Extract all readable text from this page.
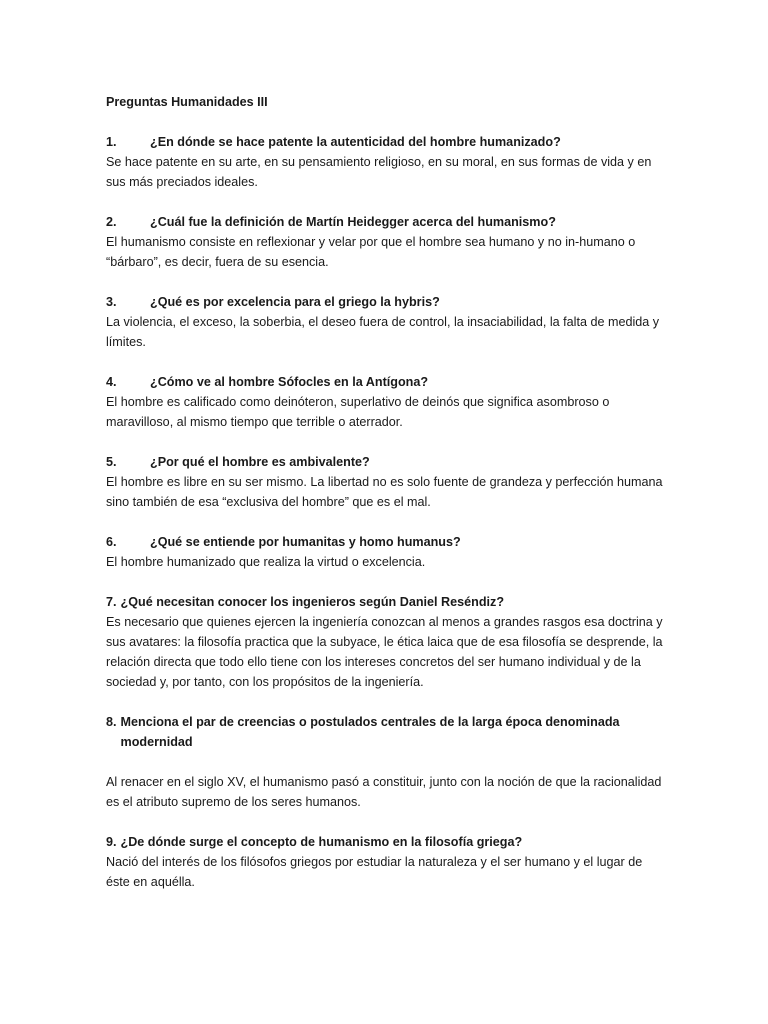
Preguntas Humanidades III
1.	¿En dónde se hace patente la autenticidad del hombre humanizado?

Se hace patente en su arte, en su pensamiento religioso, en su moral, en sus formas de vida y en sus más preciados ideales.

2.	¿Cuál fue la definición de Martín Heidegger acerca del humanismo?

El humanismo consiste en reflexionar y velar por que el hombre sea humano y no in-humano o “bárbaro”, es decir, fuera de su esencia.

3.	¿Qué es por excelencia para el griego la hybris?

La violencia, el exceso, la soberbia, el deseo fuera de control, la insaciabilidad, la falta de medida y límites.

4.	¿Cómo ve al hombre Sófocles en la Antígona?

El hombre es calificado como deinóteron, superlativo de deinós que significa asombroso o maravilloso, al mismo tiempo que terrible o aterrador.

5.	¿Por qué el hombre es ambivalente?

El hombre es libre en su ser mismo. La libertad no es solo fuente de grandeza y perfección humana sino también de esa “exclusiva del hombre” que es el mal.

6.	¿Qué se entiende por humanitas y homo humanus?

El hombre humanizado que realiza la virtud o excelencia.

7. ¿Qué necesitan conocer los ingenieros según Daniel Reséndiz?

Es necesario que quienes ejercen la ingeniería conozcan al menos a grandes rasgos esa doctrina y sus avatares: la filosofía practica que la subyace, le ética laica que de esa filosofía se desprende, la relación directa que todo ello tiene con los intereses concretos del ser humano individual y de la sociedad y, por tanto, con los propósitos de la ingeniería.

8. Menciona el par de creencias o postulados centrales de la larga época denominada modernidad

Al renacer en el siglo XV, el humanismo pasó a constituir, junto con la noción de que la racionalidad es el atributo supremo de los seres humanos.

9. ¿De dónde surge el concepto de humanismo en la filosofía griega?

Nació del interés de los filósofos griegos por estudiar la naturaleza y el ser humano y el lugar de éste en aquélla.
